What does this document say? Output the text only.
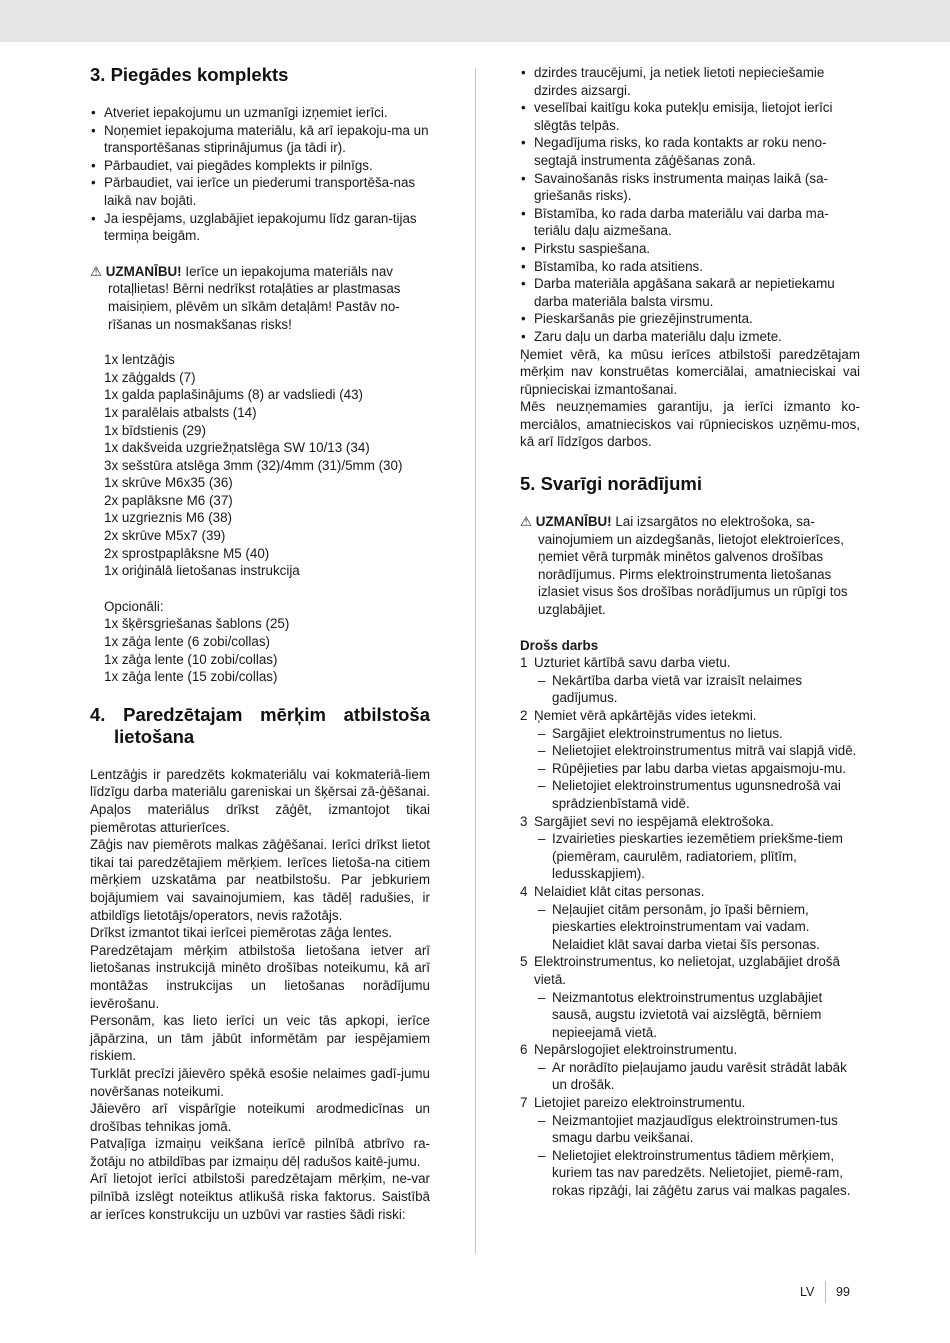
3. Piegādes komplekts
• Atveriet iepakojumu un uzmanīgi izņemiet ierīci.
• Noņemiet iepakojuma materiālu, kā arī iepakoju-ma un transportēšanas stiprinājumus (ja tādi ir).
• Pārbaudiet, vai piegādes komplekts ir pilnīgs.
• Pārbaudiet, vai ierīce un piederumi transportēša-nas laikā nav bojāti.
• Ja iespējams, uzglabājiet iepakojumu līdz garan-tijas termiņa beigām.
⚠ UZMANĪBU! Ierīce un iepakojuma materiāls nav rotaļlietas! Bērni nedrīkst rotaļāties ar plastmasas maisiņiem, plēvēm un sīkām detaļām! Pastāv no-rīšanas un nosmakšanas risks!
1x lentzāģis
1x zāģgalds (7)
1x galda paplašinājums (8) ar vadsliedi (43)
1x paralēlais atbalsts (14)
1x bīdstienis (29)
1x dakšveida uzgriežņatslēga SW 10/13 (34)
3x sešstūra atslēga 3mm (32)/4mm (31)/5mm (30)
1x skrūve M6x35 (36)
2x paplāksne M6 (37)
1x uzgrieznis M6 (38)
2x skrūve M5x7 (39)
2x sprostpaplāksne M5 (40)
1x oriģinālā lietošanas instrukcija
Opcionāli:
1x šķērsgriešanas šablons (25)
1x zāģa lente (6 zobi/collas)
1x zāģa lente (10 zobi/collas)
1x zāģa lente (15 zobi/collas)
4. Paredzētajam mērķim atbilstoša
lietošana

Lentzāģis ir paredzēts kokmateriālu vai kokmateriā-liem līdzīgu darba materiālu gareniskai un šķērsai zā-ģēšanai. Apaļos materiālus drīkst zāģēt, izmantojot tikai piemērotas atturierīces.

Zāģis nav piemērots malkas zāģēšanai. Ierīci drīkst lietot tikai tai paredzētajiem mērķiem. Ierīces lietoša-na citiem mērķiem uzskatāma par neatbilstošu. Par jebkuriem bojājumiem vai savainojumiem, kas tādēļ radušies, ir atbildīgs lietotājs/operators, nevis ražotājs.

Drīkst izmantot tikai ierīcei piemērotas zāģa lentes.

Paredzētajam mērķim atbilstoša lietošana ietver arī lietošanas instrukcijā minēto drošības noteikumu, kā arī montāžas instrukcijas un lietošanas norādījumu ievērošanu.

Personām, kas lieto ierīci un veic tās apkopi, ierīce jāpārzina, un tām jābūt informētām par iespējamiem riskiem.

Turklāt precīzi jāievēro spēkā esošie nelaimes gadī-jumu novēršanas noteikumi.

Jāievēro arī vispārīgie noteikumi arodmedicīnas un drošības tehnikas jomā.

Patvaļīga izmaiņu veikšana ierīcē pilnībā atbrīvo ra-žotāju no atbildības par izmaiņu dēļ radušos kaitē-jumu.

Arī lietojot ierīci atbilstoši paredzētajam mērķim, ne-var pilnībā izslēgt noteiktus atlikušā riska faktorus. Saistībā ar ierīces konstrukciju un uzbūvi var rasties šādi riski:

• dzirdes traucējumi, ja netiek lietoti nepieciešamie dzirdes aizsargi.
• veselībai kaitīgu koka putekļu emisija, lietojot ierīci slēgtās telpās.
• Negadījuma risks, ko rada kontakts ar roku neno-segtajā instrumenta zāģēšanas zonā.
• Savainošanās risks instrumenta maiņas laikā (sa-griešanās risks).
• Bīstamība, ko rada darba materiālu vai darba ma-teriālu daļu aizmešana.
• Pirkstu saspiešana.
• Bīstamība, ko rada atsitiens.
• Darba materiāla apgāšana sakarā ar nepietiekamu darba materiāla balsta virsmu.
• Pieskaršanās pie griezējinstrumenta.
• Zaru daļu un darba materiālu daļu izmete.

Ņemiet vērā, ka mūsu ierīces atbilstoši paredzētajam mērķim nav konstruētas komerciālai, amatnieciskai vai rūpnieciskai izmantošanai.

Mēs neuzņemamies garantiju, ja ierīci izmanto ko-merciālos, amatnieciskos vai rūpnieciskos uzņēmu-mos, kā arī līdzīgos darbos.

5. Svarīgi norādījumi
⚠ UZMANĪBU! Lai izsargātos no elektrošoka, sa-vainojumiem un aizdegšanās, lietojot elektroierīces, ņemiet vērā turpmāk minētos galvenos drošības norādījumus. Pirms elektroinstrumenta lietošanas izlasiet visus šos drošības norādījumus un rūpīgi tos uzglabājiet.
Drošs darbs
1 Uzturiet kārtībā savu darba vietu.
– Nekārtība darba vietā var izraisīt nelaimes gadījumus.
2 Ņemiet vērā apkārtējās vides ietekmi.
– Sargājiet elektroinstrumentus no lietus.
– Nelietojiet elektroinstrumentus mitrā vai slapjā vidē.
– Rūpējieties par labu darba vietas apgaismoju-mu.
– Nelietojiet elektroinstrumentus ugunsnedrošā vai sprādzienbīstamā vidē.
3 Sargājiet sevi no iespējamā elektrošoka.
– Izvairieties pieskarties iezemētiem priekšme-tiem (piemēram, caurulēm, radiatoriem, plītīm, ledusskapjiem).
4 Nelaidiet klāt citas personas.
– Neļaujiet citām personām, jo īpaši bērniem, pieskarties elektroinstrumentam vai vadam. Nelaidiet klāt savai darba vietai šīs personas.
5 Elektroinstrumentus, ko nelietojat, uzglabājiet drošā vietā.
– Neizmantotus elektroinstrumentus uzglabājiet sausā, augstu izvietotā vai aizslēgtā, bērniem nepieejamā vietā.
6 Nepārslogojiet elektroinstrumentu.
– Ar norādīto pieļaujamo jaudu varēsit strādāt labāk un drošāk.
7 Lietojiet pareizo elektroinstrumentu.
– Neizmantojiet mazjaudīgus elektroinstrumen-tus smagu darbu veikšanai.
– Nelietojiet elektroinstrumentus tādiem mērķiem, kuriem tas nav paredzēts. Nelietojiet, piemē-ram, rokas ripzāģi, lai zāģētu zarus vai malkas pagales.
LV 99
